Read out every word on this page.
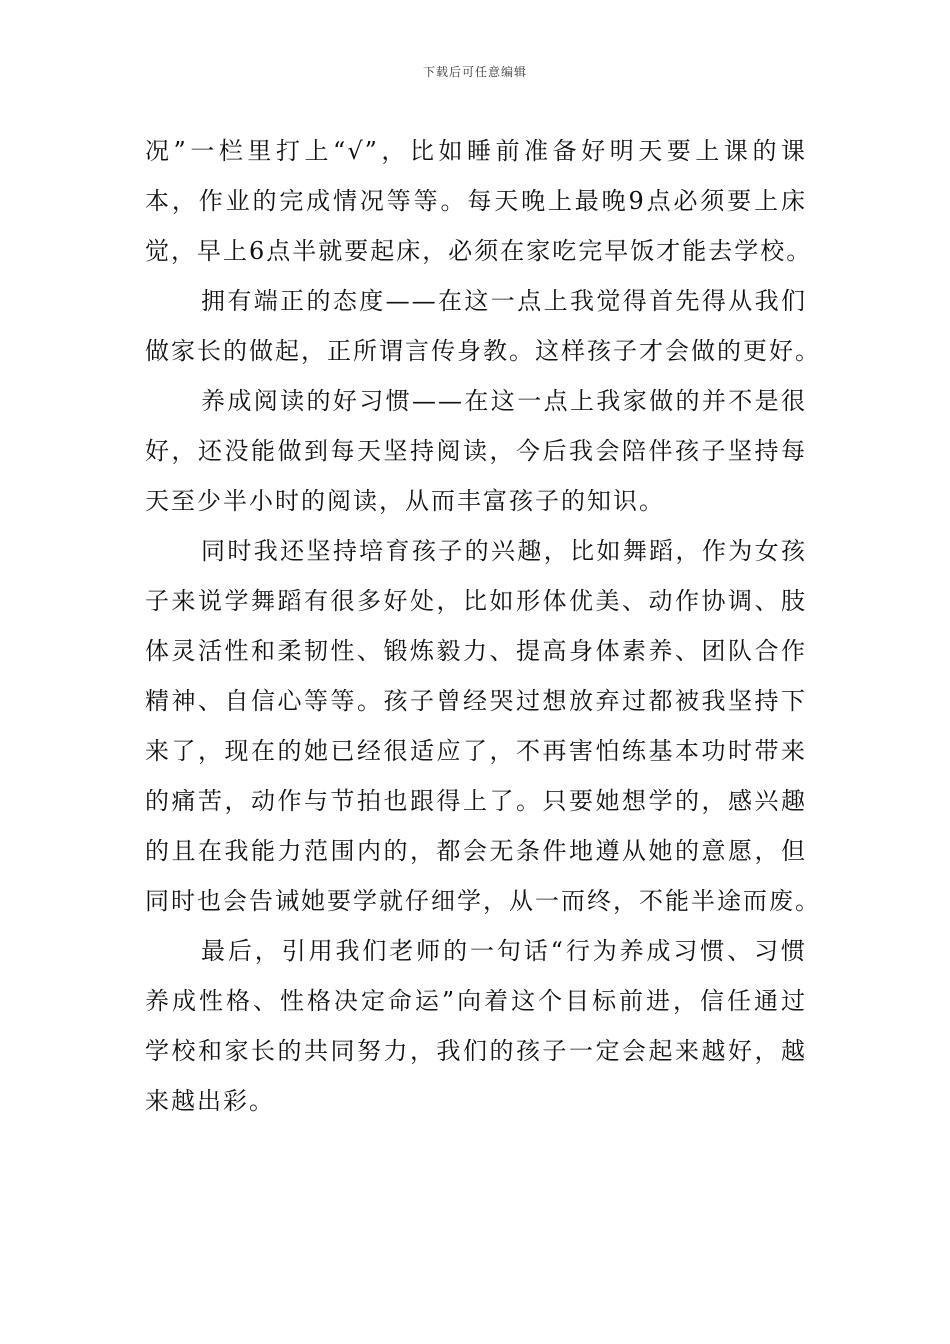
下载后可任意编辑
况”一栏里打上“√”，比如睡前准备好明天要上课的课
本，作业的完成情况等等。每天晚上最晚9点必须要上床
觉，早上6点半就要起床，必须在家吃完早饭才能去学校。
拥有端正的态度——在这一点上我觉得首先得从我们
做家长的做起，正所谓言传身教。这样孩子才会做的更好。
养成阅读的好习惯——在这一点上我家做的并不是很
好，还没能做到每天坚持阅读，今后我会陪伴孩子坚持每
天至少半小时的阅读，从而丰富孩子的知识。
同时我还坚持培育孩子的兴趣，比如舞蹈，作为女孩
子来说学舞蹈有很多好处，比如形体优美、动作协调、肢
体灵活性和柔韧性、锻炼毅力、提高身体素养、团队合作
精神、自信心等等。孩子曾经哭过想放弃过都被我坚持下
来了，现在的她已经很适应了，不再害怕练基本功时带来
的痛苦，动作与节拍也跟得上了。只要她想学的，感兴趣
的且在我能力范围内的，都会无条件地遵从她的意愿，但
同时也会告诫她要学就仔细学，从一而终，不能半途而废。
最后，引用我们老师的一句话“行为养成习惯、习惯
养成性格、性格决定命运”向着这个目标前进，信任通过
学校和家长的共同努力，我们的孩子一定会起来越好，越
来越出彩。
